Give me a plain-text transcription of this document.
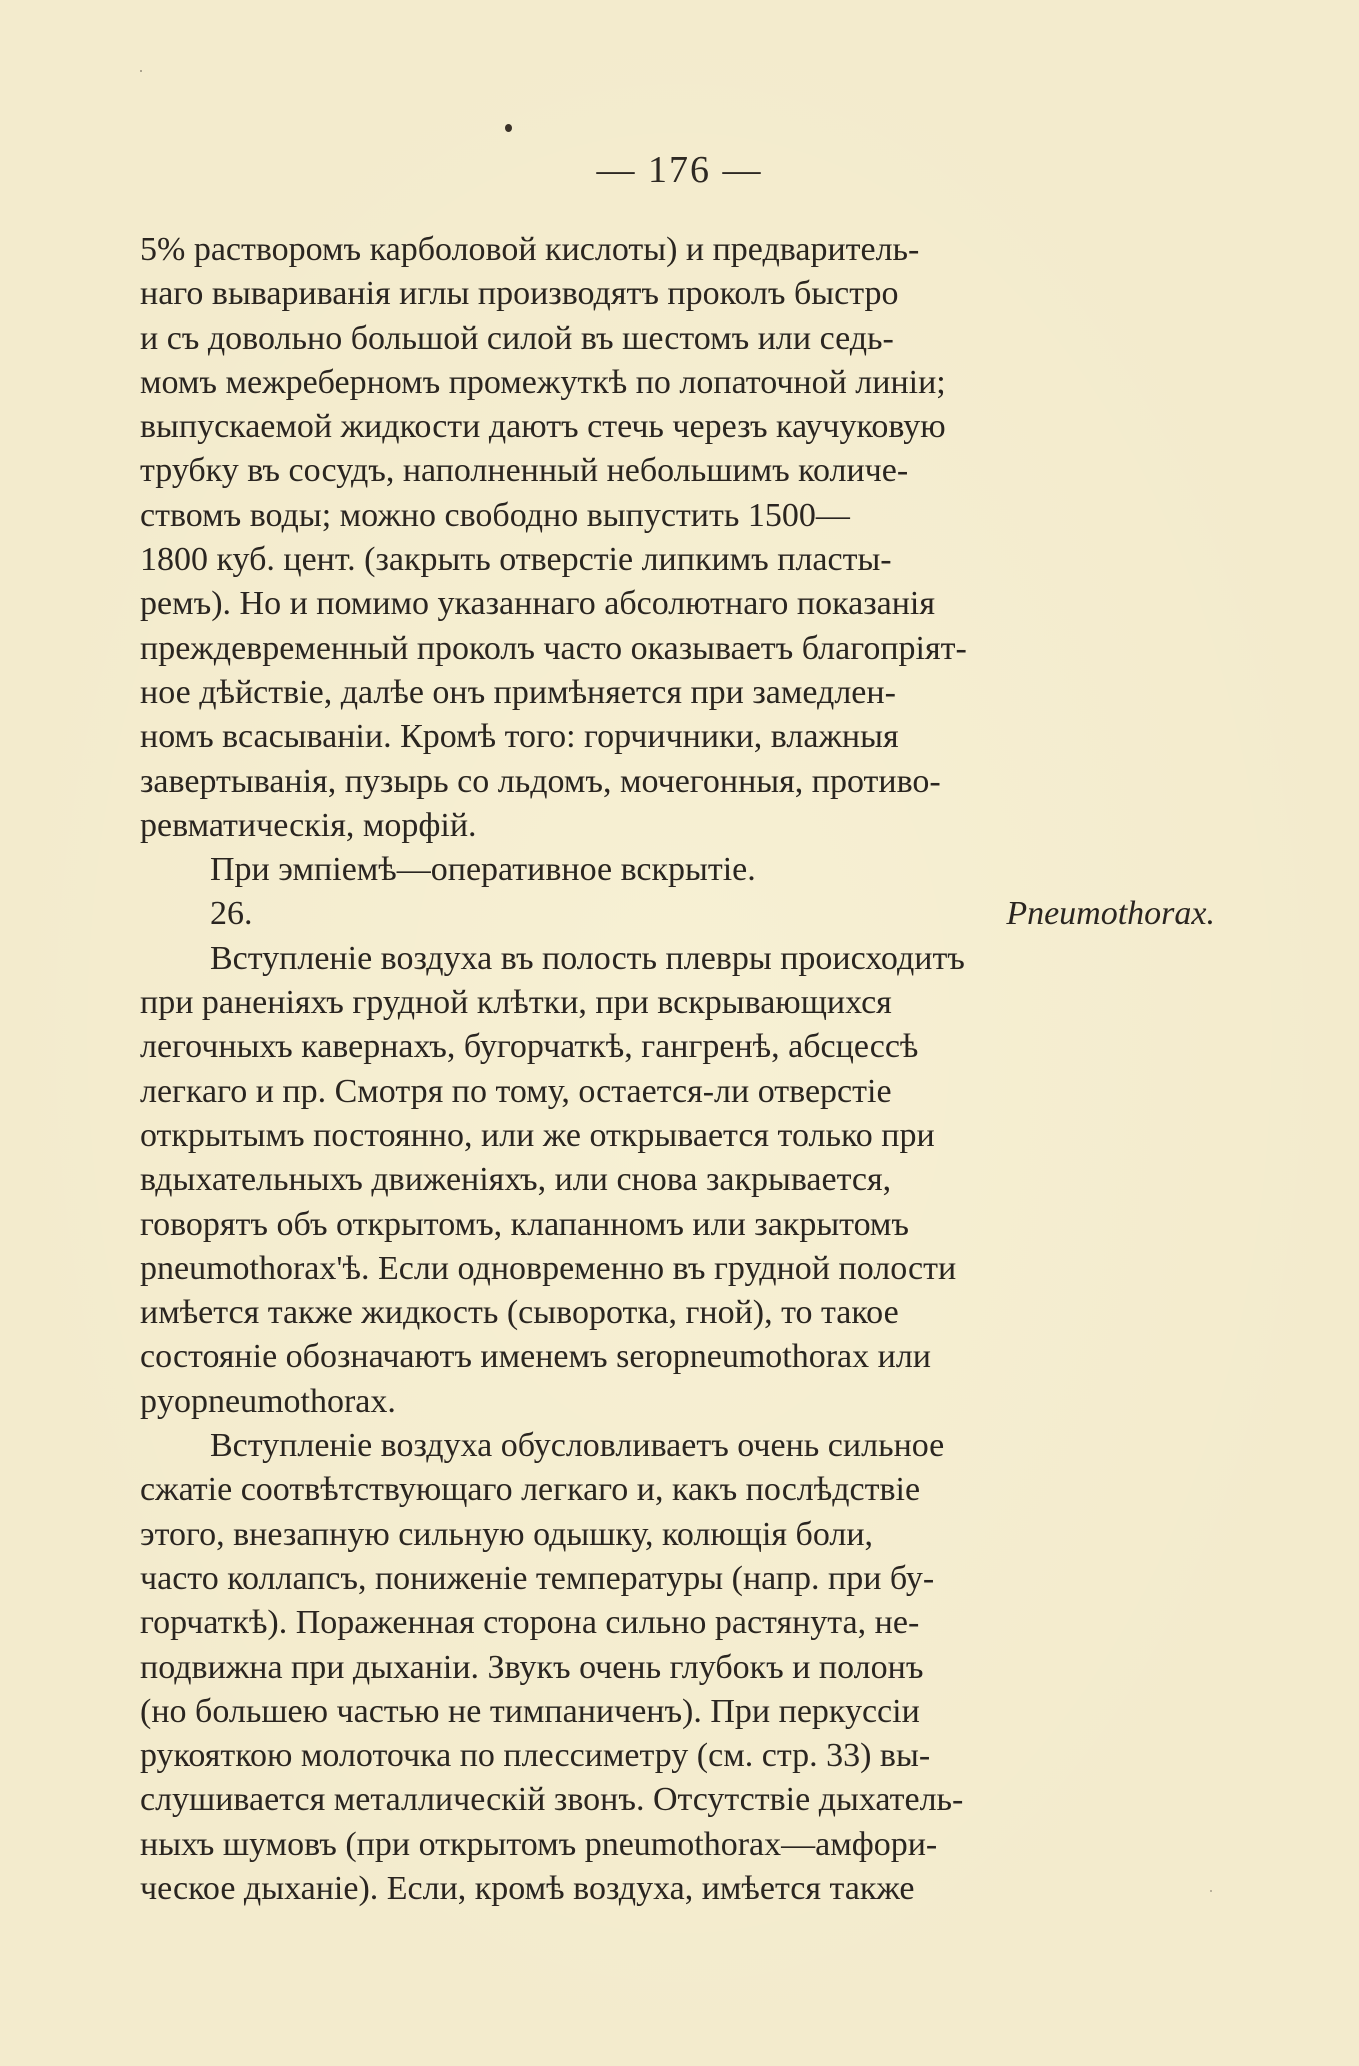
— 176 —
5% растворомъ карболовой кислоты) и предваритель-
наго вывариванія иглы производятъ проколъ быстро
и съ довольно большой силой въ шестомъ или седь-
момъ межреберномъ промежуткѣ по лопаточной линіи;
выпускаемой жидкости даютъ стечь черезъ каучуковую
трубку въ сосудъ, наполненный небольшимъ количе-
ствомъ воды; можно свободно выпустить 1500—
1800 куб. цент. (закрыть отверстіе липкимъ пласты-
ремъ). Но и помимо указаннаго абсолютнаго показанія
преждевременный проколъ часто оказываетъ благопріят-
ное дѣйствіе, далѣе онъ примѣняется при замедлен-
номъ всасываніи. Кромѣ того: горчичники, влажныя
завертыванія, пузырь со льдомъ, мочегонныя, противо-
ревматическія, морфій.
При эмпіемѣ—оперативное вскрытіе.
26.	Pneumothorax.
Вступленіе воздуха въ полость плевры происходитъ
при раненіяхъ грудной клѣтки, при вскрывающихся
легочныхъ кавернахъ, бугорчаткѣ, гангренѣ, абсцессѣ
легкаго и пр. Смотря по тому, остается-ли отверстіе
открытымъ постоянно, или же открывается только при
вдыхательныхъ движеніяхъ, или снова закрывается,
говорятъ объ открытомъ, клапанномъ или закрытомъ
pneumothorax'ѣ. Если одновременно въ грудной полости
имѣется также жидкость (сыворотка, гной), то такое
состояніе обозначаютъ именемъ seropneumothorax или
pyopneumothorax.
Вступленіе воздуха обусловливаетъ очень сильное
сжатіе соотвѣтствующаго легкаго и, какъ послѣдствіе
этого, внезапную сильную одышку, колющія боли,
часто коллапсъ, пониженіе температуры (напр. при бу-
горчаткѣ). Пораженная сторона сильно растянута, не-
подвижна при дыханіи. Звукъ очень глубокъ и полонъ
(но большею частью не тимпаниченъ). При перкуссіи
рукояткою молоточка по плессиметру (см. стр. 33) вы-
слушивается металлическій звонъ. Отсутствіе дыхатель-
ныхъ шумовъ (при открытомъ pneumothorax—амфори-
ческое дыханіе). Если, кромѣ воздуха, имѣется также
